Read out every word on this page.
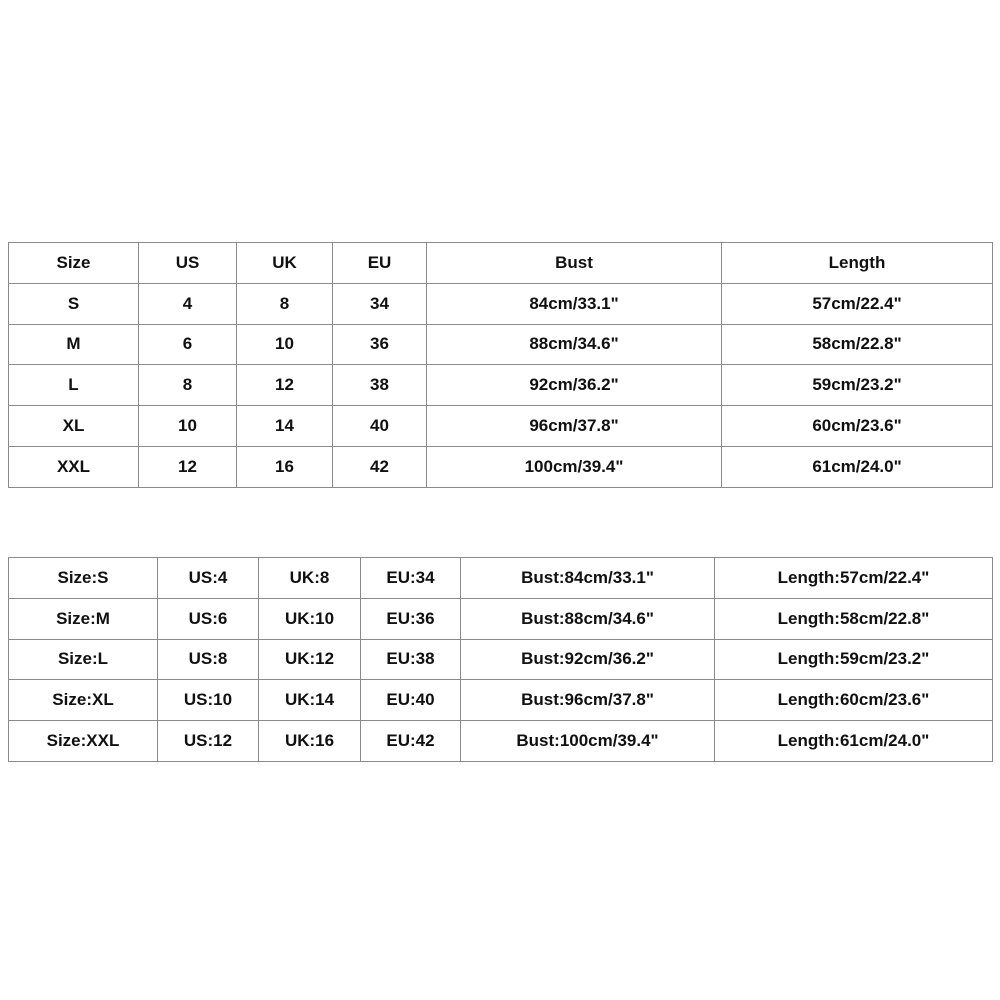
Size	US	UK	EU	Bust	Length
S	4	8	34	84cm/33.1"	57cm/22.4"
M	6	10	36	88cm/34.6"	58cm/22.8"
L	8	12	38	92cm/36.2"	59cm/23.2"
XL	10	14	40	96cm/37.8"	60cm/23.6"
XXL	12	16	42	100cm/39.4"	61cm/24.0"
Size:S	US:4	UK:8	EU:34	Bust:84cm/33.1"	Length:57cm/22.4"
Size:M	US:6	UK:10	EU:36	Bust:88cm/34.6"	Length:58cm/22.8"
Size:L	US:8	UK:12	EU:38	Bust:92cm/36.2"	Length:59cm/23.2"
Size:XL	US:10	UK:14	EU:40	Bust:96cm/37.8"	Length:60cm/23.6"
Size:XXL	US:12	UK:16	EU:42	Bust:100cm/39.4"	Length:61cm/24.0"
